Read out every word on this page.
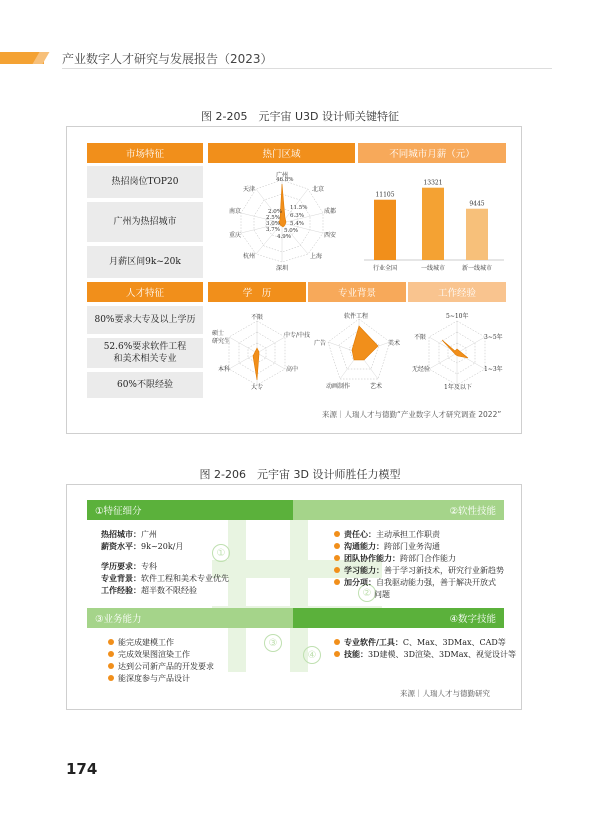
产业数字人才研究与发展报告（2023）
图 2-205　元宇宙 U3D 设计师关键特征
市场特征	热门区域	不同城市月薪（元）
热招岗位TOP20
广州为热招城市
月薪区间9k~20k
广州
46.8%
北京
成都
西安
上海
深圳
杭州
重庆
南京
天津
11.5%
6.3%
5.4%
5.0%
4.9%
3.7%
3.0%
2.5%
2.0%
11105
行业全国
13321
一线城市
9445
新一线城市
人才特征	学　历	专业背景	工作经验
80%要求大专及以上学历
52.6%要求软件工程
和美术相关专业
60%不限经验
不限
中专/中技
高中
大专
本科
硕士
研究生
软件工程
美术
艺术
动画制作
广告
5~10年
3~5年
1~3年
1年及以下
无经验
不限
来源｜人瑞人才与德勤“产业数字人才研究调查 2022”
图 2-206　元宇宙 3D 设计师胜任力模型
①
②
③
④
①特征细分	②软性技能
③业务能力	④数字技能
热招城市：广州
薪资水平：9k~20k/月
学历要求：专科
专业背景：软件工程和美术专业优先
工作经验：超半数不限经验
责任心：主动承担工作职责
沟通能力：跨部门业务沟通
团队协作能力：跨部门合作能力
学习能力：善于学习新技术，研究行业新趋势
加分项：自我驱动能力强，善于解决开放式
问题
能完成建模工作
完成效果图渲染工作
达到公司新产品的开发要求
能深度参与产品设计
专业软件/工具：C、Max、3DMax、CAD等
技能：3D建模、3D渲染、3DMax、视觉设计等
来源｜人瑞人才与德勤研究
174
